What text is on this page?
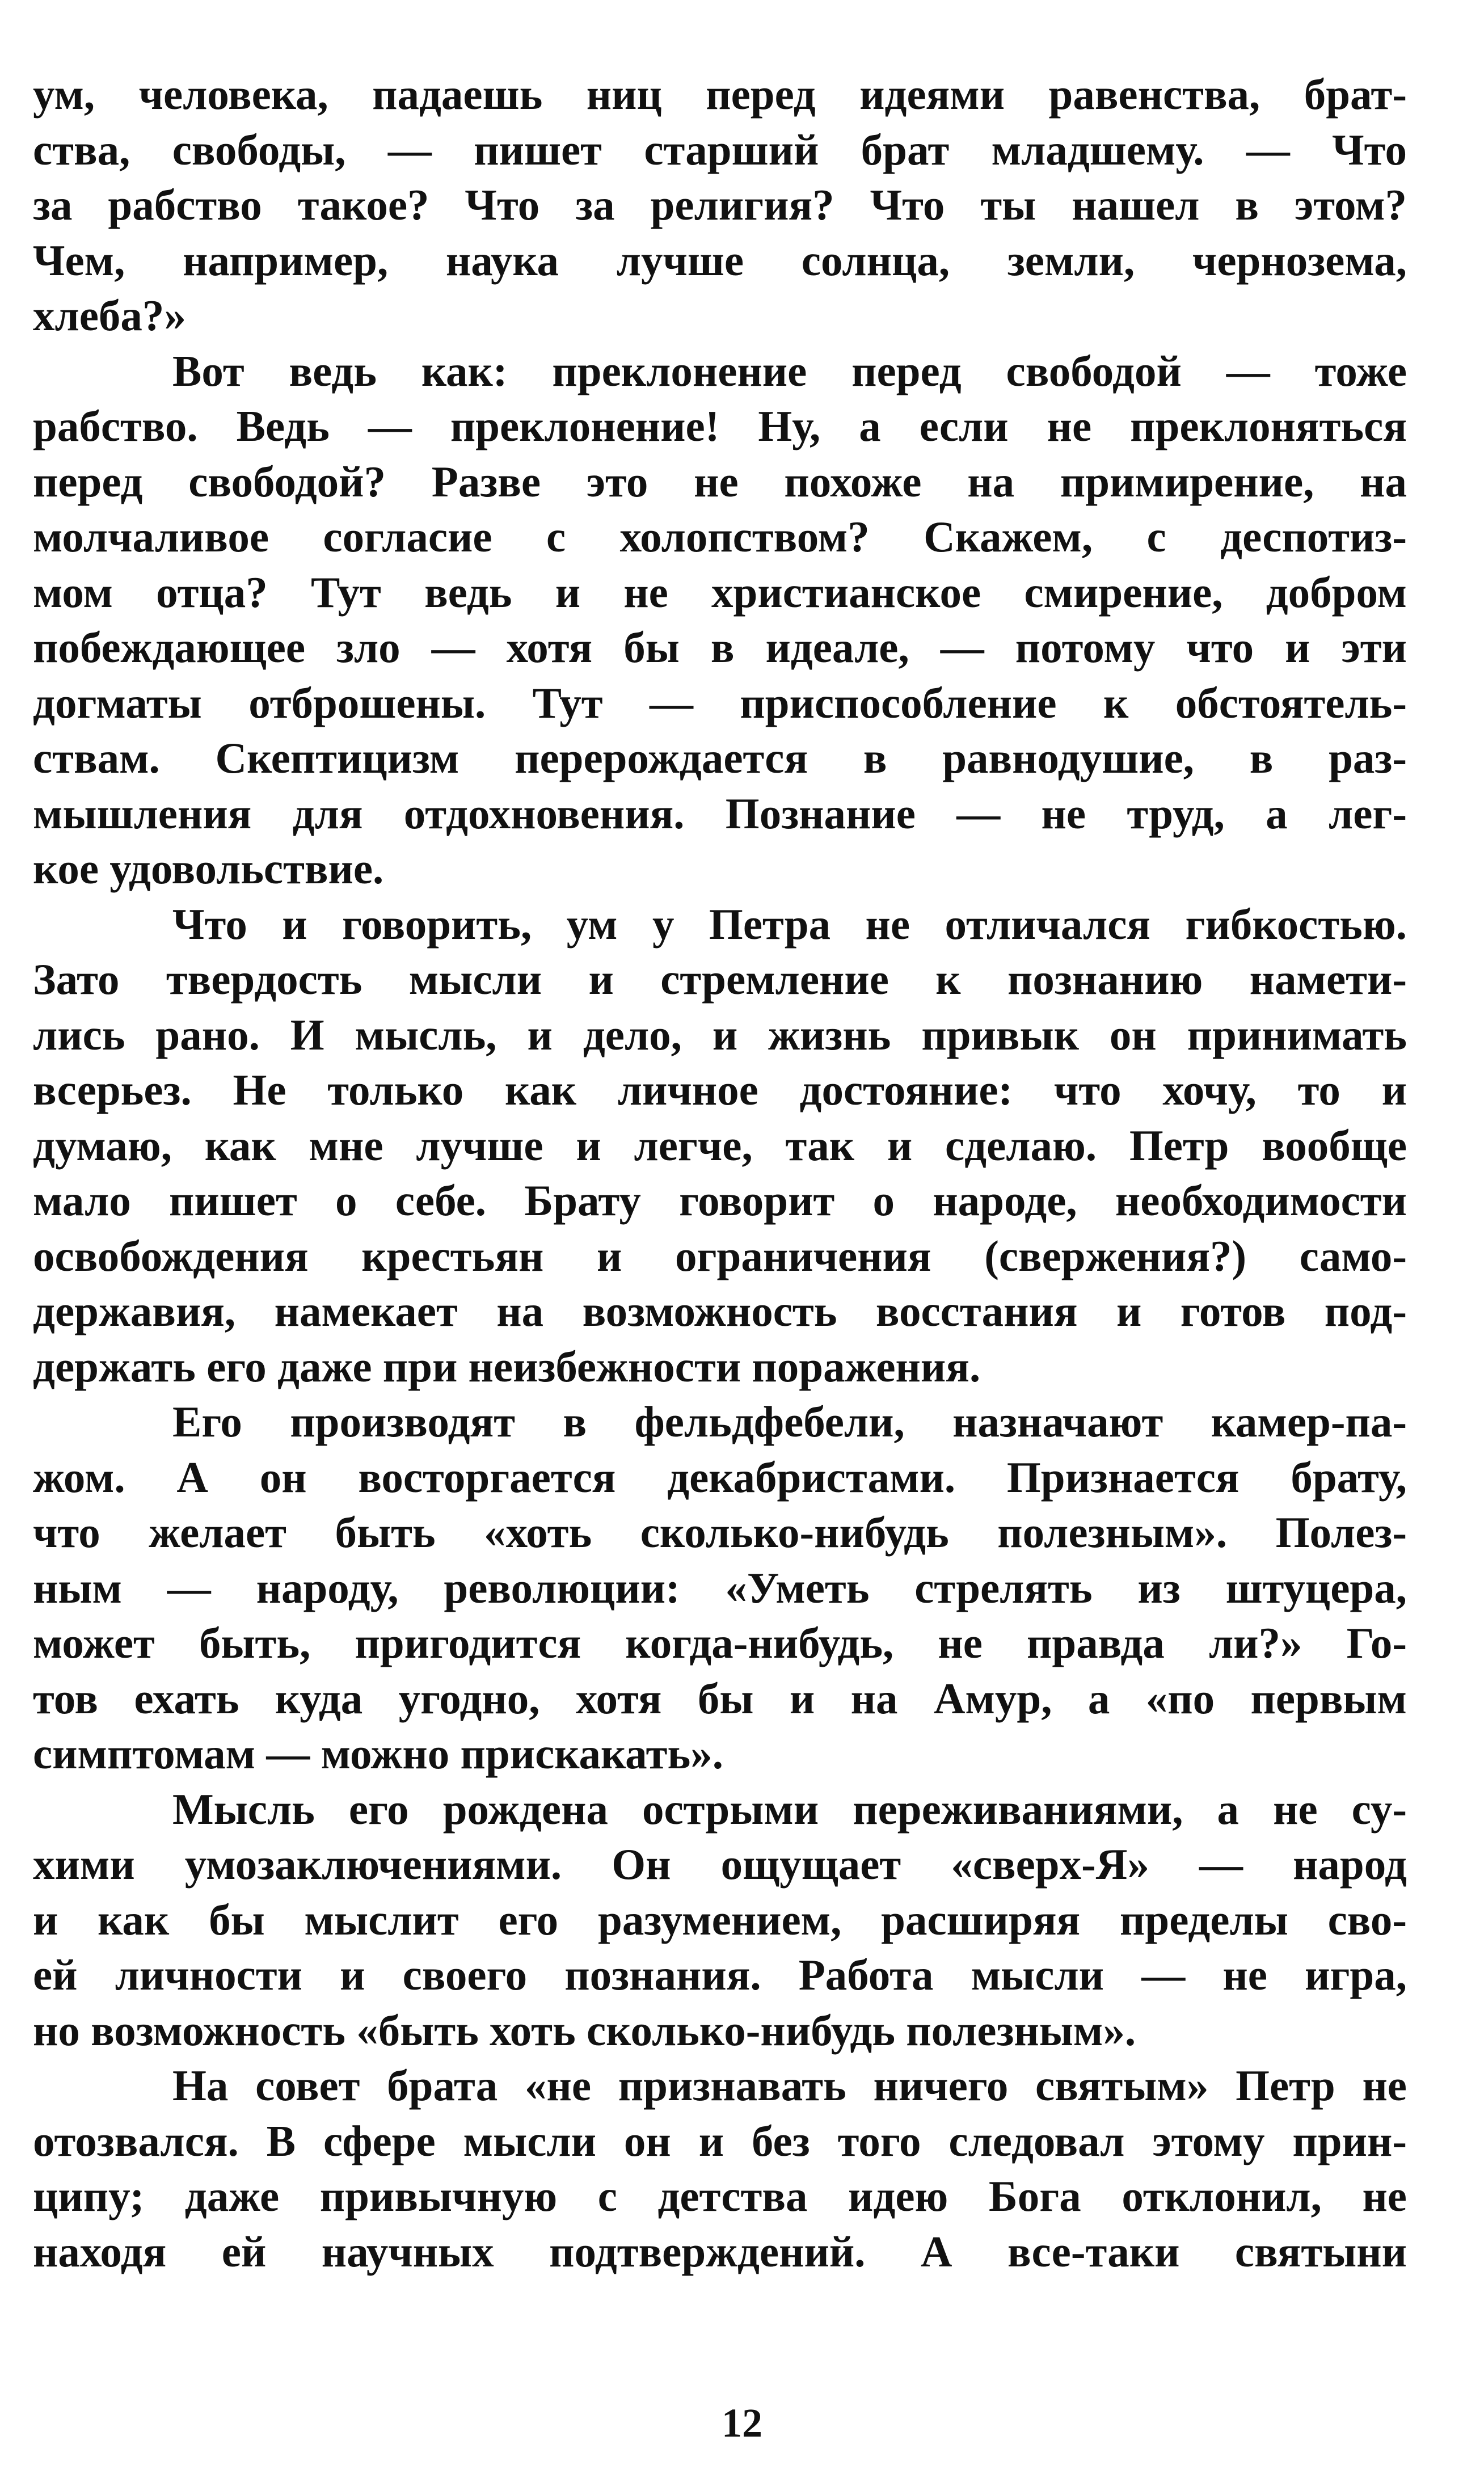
ум, человека, падаешь ниц перед идеями равенства, брат-
ства, свободы, — пишет старший брат младшему. — Что
за рабство такое? Что за религия? Что ты нашел в этом?
Чем, например, наука лучше солнца, земли, чернозема,
хлеба?»
Вот ведь как: преклонение перед свободой — тоже
рабство. Ведь — преклонение! Ну, а если не преклоняться
перед свободой? Разве это не похоже на примирение, на
молчаливое согласие с холопством? Скажем, с деспотиз-
мом отца? Тут ведь и не христианское смирение, добром
побеждающее зло — хотя бы в идеале, — потому что и эти
догматы отброшены. Тут — приспособление к обстоятель-
ствам. Скептицизм перерождается в равнодушие, в раз-
мышления для отдохновения. Познание — не труд, а лег-
кое удовольствие.
Что и говорить, ум у Петра не отличался гибкостью.
Зато твердость мысли и стремление к познанию намети-
лись рано. И мысль, и дело, и жизнь привык он принимать
всерьез. Не только как личное достояние: что хочу, то и
думаю, как мне лучше и легче, так и сделаю. Петр вообще
мало пишет о себе. Брату говорит о народе, необходимости
освобождения крестьян и ограничения (свержения?) само-
державия, намекает на возможность восстания и готов под-
держать его даже при неизбежности поражения.
Его производят в фельдфебели, назначают камер-па-
жом. А он восторгается декабристами. Признается брату,
что желает быть «хоть сколько-нибудь полезным». Полез-
ным — народу, революции: «Уметь стрелять из штуцера,
может быть, пригодится когда-нибудь, не правда ли?» Го-
тов ехать куда угодно, хотя бы и на Амур, а «по первым
симптомам — можно прискакать».
Мысль его рождена острыми переживаниями, а не су-
хими умозаключениями. Он ощущает «сверх-Я» — народ
и как бы мыслит его разумением, расширяя пределы сво-
ей личности и своего познания. Работа мысли — не игра,
но возможность «быть хоть сколько-нибудь полезным».
На совет брата «не признавать ничего святым» Петр не
отозвался. В сфере мысли он и без того следовал этому прин-
ципу; даже привычную с детства идею Бога отклонил, не
находя ей научных подтверждений. А все-таки святыни
12
